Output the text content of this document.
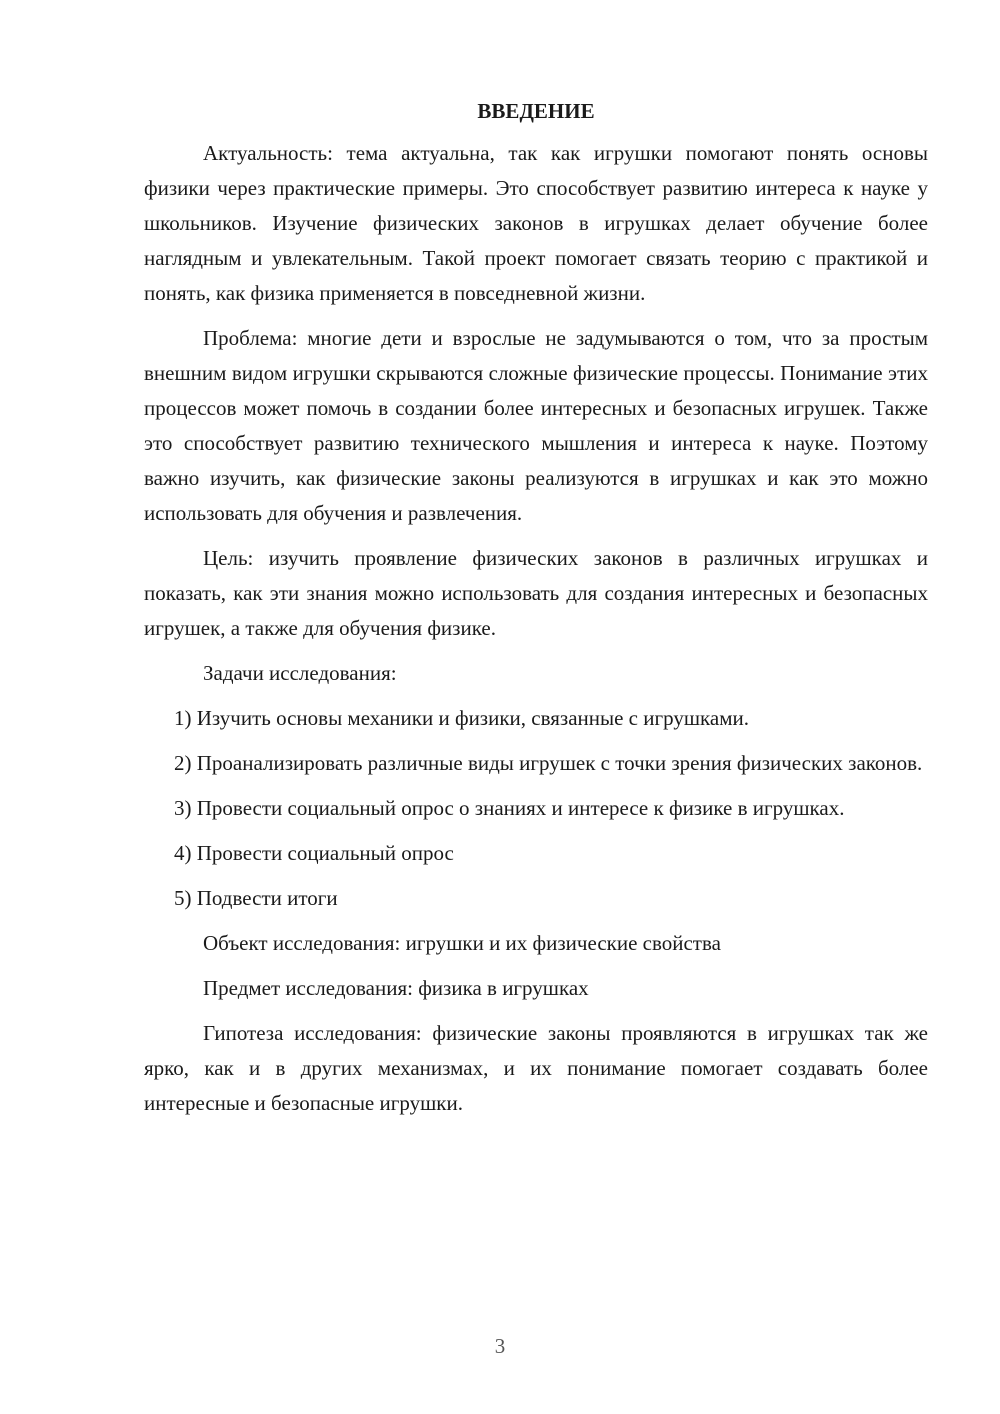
ВВЕДЕНИЕ

Актуальность: тема актуальна, так как игрушки помогают понять основы физики через практические примеры. Это способствует развитию интереса к науке у школьников. Изучение физических законов в игрушках делает обучение более наглядным и увлекательным. Такой проект помогает связать теорию с практикой и понять, как физика применяется в повседневной жизни.

Проблема: многие дети и взрослые не задумываются о том, что за простым внешним видом игрушки скрываются сложные физические процессы. Понимание этих процессов может помочь в создании более интересных и безопасных игрушек. Также это способствует развитию технического мышления и интереса к науке. Поэтому важно изучить, как физические законы реализуются в игрушках и как это можно использовать для обучения и развлечения.

Цель: изучить проявление физических законов в различных игрушках и показать, как эти знания можно использовать для создания интересных и безопасных игрушек, а также для обучения физике.

Задачи исследования:

1) Изучить основы механики и физики, связанные с игрушками.

2) Проанализировать различные виды игрушек с точки зрения физических законов.

3) Провести социальный опрос о знаниях и интересе к физике в игрушках.

4) Провести социальный опрос

5) Подвести итоги

Объект исследования: игрушки и их физические свойства

Предмет исследования: физика в игрушках

Гипотеза исследования: физические законы проявляются в игрушках так же ярко, как и в других механизмах, и их понимание помогает создавать более интересные и безопасные игрушки.

3
